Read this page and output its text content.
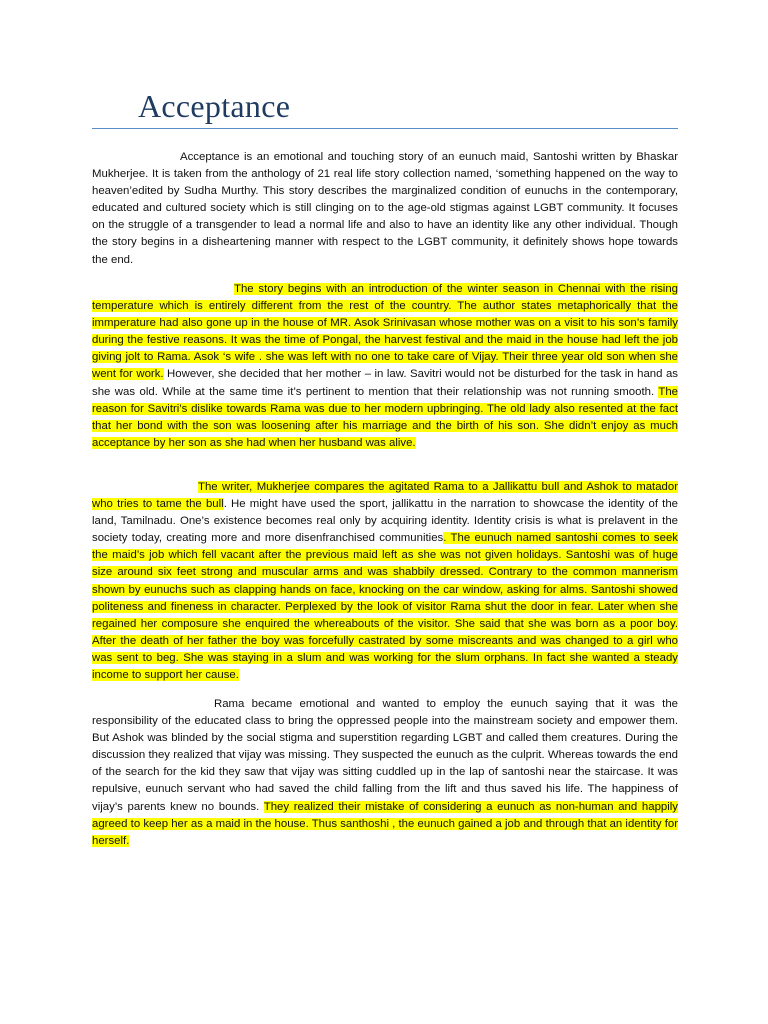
Acceptance

Acceptance is an emotional and touching story of an eunuch maid, Santoshi written by Bhaskar Mukherjee. It is taken from the anthology of 21 real life story collection named, ‘something happened on the way to heaven’edited by Sudha Murthy. This story describes the marginalized condition of eunuchs in the contemporary, educated and cultured society which is still clinging on to the age-old stigmas against LGBT community. It focuses on the struggle of a transgender to lead a normal life and also to have an identity like any other individual. Though the story begins in a disheartening manner with respect to the LGBT community, it definitely shows hope towards the end.

The story begins with an introduction of the winter season in Chennai with the rising temperature which is entirely different from the rest of the country. The author states metaphorically that the immperature had also gone up in the house of MR. Asok Srinivasan whose mother was on a visit to his son’s family during the festive reasons. It was the time of Pongal, the harvest festival and the maid in the house had left the job giving jolt to Rama. Asok ‘s wife . she was left with no one to take care of Vijay. Their three year old son when she went for work. However, she decided that her mother – in law. Savitri would not be disturbed for the task in hand as she was old. While at the same time it’s pertinent to mention that their relationship was not running smooth. The reason for Savitri’s dislike towards Rama was due to her modern upbringing. The old lady also resented at the fact that her bond with the son was loosening after his marriage and the birth of his son. She didn’t enjoy as much acceptance by her son as she had when her husband was alive.

The writer, Mukherjee compares the agitated Rama to a Jallikattu bull and Ashok to matador who tries to tame the bull. He might have used the sport, jallikattu in the narration to showcase the identity of the land, Tamilnadu. One’s existence becomes real only by acquiring identity. Identity crisis is what is prelavent in the society today, creating more and more disenfranchised communities. The eunuch named santoshi comes to seek the maid’s job which fell vacant after the previous maid left as she was not given holidays. Santoshi was of huge size around six feet strong and muscular arms and was shabbily dressed. Contrary to the common mannerism shown by eunuchs such as clapping hands on face, knocking on the car window, asking for alms. Santoshi showed politeness and fineness in character. Perplexed by the look of visitor Rama shut the door in fear. Later when she regained her composure she enquired the whereabouts of the visitor. She said that she was born as a poor boy. After the death of her father the boy was forcefully castrated by some miscreants and was changed to a girl who was sent to beg. She was staying in a slum and was working for the slum orphans. In fact she wanted a steady income to support her cause.

Rama became emotional and wanted to employ the eunuch saying that it was the responsibility of the educated class to bring the oppressed people into the mainstream society and empower them. But Ashok was blinded by the social stigma and superstition regarding LGBT and called them creatures. During the discussion they realized that vijay was missing. They suspected the eunuch as the culprit. Whereas towards the end of the search for the kid they saw that vijay was sitting cuddled up in the lap of santoshi near the staircase. It was repulsive, eunuch servant who had saved the child falling from the lift and thus saved his life. The happiness of vijay’s parents knew no bounds. They realized their mistake of considering a eunuch as non-human and happily agreed to keep her as a maid in the house. Thus santhoshi , the eunuch gained a job and through that an identity for herself.
